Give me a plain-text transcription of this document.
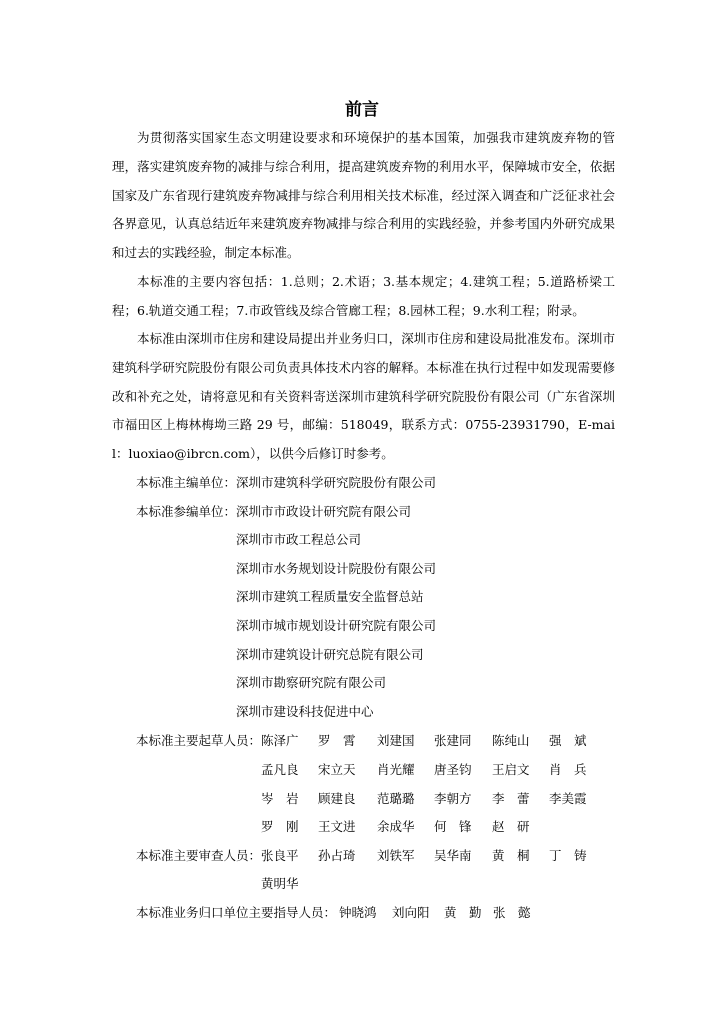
前言

为贯彻落实国家生态文明建设要求和环境保护的基本国策，加强我市建筑废弃物的管理，落实建筑废弃物的减排与综合利用，提高建筑废弃物的利用水平，保障城市安全，依据国家及广东省现行建筑废弃物减排与综合利用相关技术标准，经过深入调查和广泛征求社会各界意见，认真总结近年来建筑废弃物减排与综合利用的实践经验，并参考国内外研究成果和过去的实践经验，制定本标准。

本标准的主要内容包括：1.总则；2.术语；3.基本规定；4.建筑工程；5.道路桥梁工程；6.轨道交通工程；7.市政管线及综合管廊工程；8.园林工程；9.水利工程；附录。

本标准由深圳市住房和建设局提出并业务归口，深圳市住房和建设局批准发布。深圳市建筑科学研究院股份有限公司负责具体技术内容的解释。本标准在执行过程中如发现需要修改和补充之处，请将意见和有关资料寄送深圳市建筑科学研究院股份有限公司（广东省深圳市福田区上梅林梅坳三路 29 号，邮编：518049，联系方式：0755-23931790，E-mail：luoxiao@ibrcn.com），以供今后修订时参考。

本标准主编单位： 深圳市建筑科学研究院股份有限公司
本标准参编单位： 深圳市市政设计研究院有限公司
深圳市市政工程总公司
深圳市水务规划设计院股份有限公司
深圳市建筑工程质量安全监督总站
深圳市城市规划设计研究院有限公司
深圳市建筑设计研究总院有限公司
深圳市勘察研究院有限公司
深圳市建设科技促进中心
本标准主要起草人员： 陈泽广 罗　霄 刘建国 张建同 陈纯山 强　斌
孟凡良 宋立天 肖光耀 唐圣钧 王启文 肖　兵
岑　岩 顾建良 范璐璐 李朝方 李　蕾 李美霞
罗　刚 王文进 余成华 何　锋 赵　研
本标准主要审查人员： 张良平 孙占琦 刘铁军 吴华南 黄　桐 丁　铸
黄明华
本标准业务归口单位主要指导人员： 钟晓鸿 刘向阳 黄　勤 张　懿
